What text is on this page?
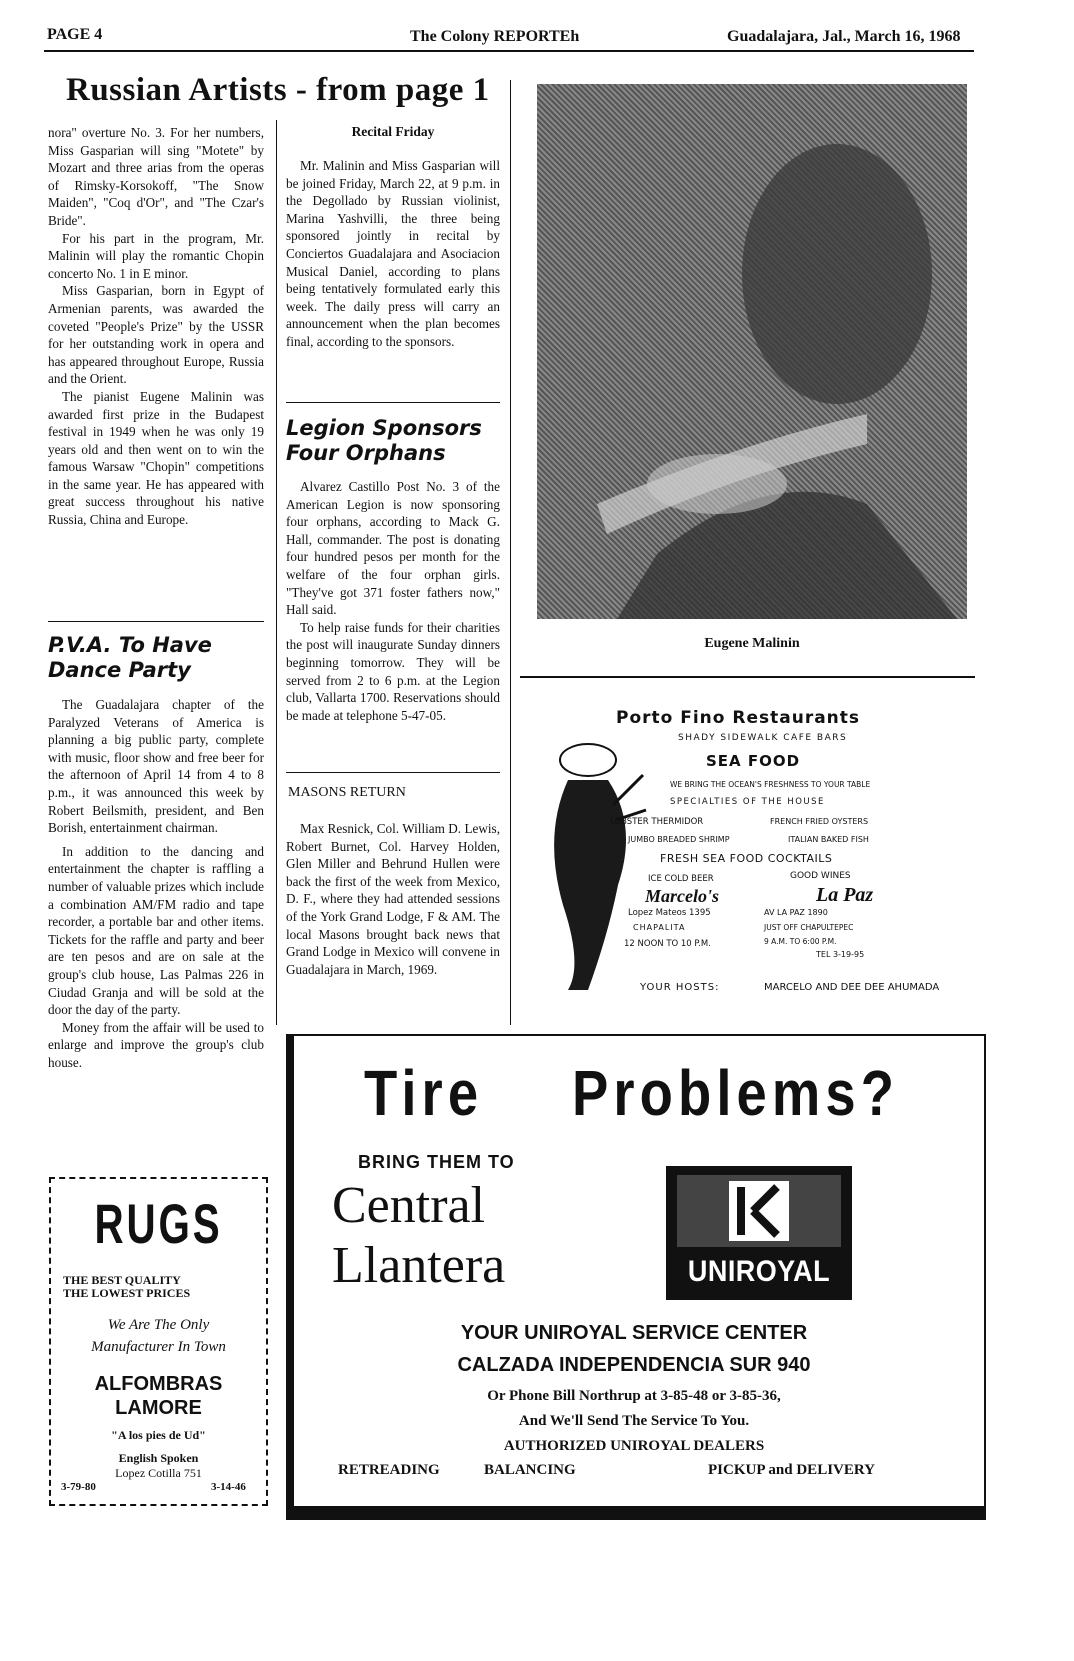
PAGE 4	The Colony REPORTEh	Guadalajara, Jal., March 16, 1968
Russian Artists - from page 1

nora" overture No. 3. For her numbers, Miss Gasparian will sing "Motete" by Mozart and three arias from the operas of Rimsky-Korsokoff, "The Snow Maiden", "Coq d'Or", and "The Czar's Bride".

For his part in the program, Mr. Malinin will play the romantic Chopin concerto No. 1 in E minor.

Miss Gasparian, born in Egypt of Armenian parents, was awarded the coveted "People's Prize" by the USSR for her outstanding work in opera and has appeared throughout Europe, Russia and the Orient.

The pianist Eugene Malinin was awarded first prize in the Budapest festival in 1949 when he was only 19 years old and then went on to win the famous Warsaw "Chopin" competitions in the same year. He has appeared with great success throughout his native Russia, China and Europe.

P.V.A. To Have Dance Party

The Guadalajara chapter of the Paralyzed Veterans of America is planning a big public party, complete with music, floor show and free beer for the afternoon of April 14 from 4 to 8 p.m., it was announced this week by Robert Beilsmith, president, and Ben Borish, entertainment chairman.

In addition to the dancing and entertainment the chapter is raffling a number of valuable prizes which include a combination AM/FM radio and tape recorder, a portable bar and other items. Tickets for the raffle and party and beer are ten pesos and are on sale at the group's club house, Las Palmas 226 in Ciudad Granja and will be sold at the door the day of the party.

Money from the affair will be used to enlarge and improve the group's club house.

Recital Friday

Mr. Malinin and Miss Gasparian will be joined Friday, March 22, at 9 p.m. in the Degollado by Russian violinist, Marina Yashvilli, the three being sponsored jointly in recital by Conciertos Guadalajara and Asociacion Musical Daniel, according to plans being tentatively formulated early this week. The daily press will carry an announcement when the plan becomes final, according to the sponsors.

Legion Sponsors Four Orphans

Alvarez Castillo Post No. 3 of the American Legion is now sponsoring four orphans, according to Mack G. Hall, commander. The post is donating four hundred pesos per month for the welfare of the four orphan girls. "They've got 371 foster fathers now," Hall said.

To help raise funds for their charities the post will inaugurate Sunday dinners beginning tomorrow. They will be served from 2 to 6 p.m. at the Legion club, Vallarta 1700. Reservations should be made at telephone 5-47-05.

MASONS RETURN

Max Resnick, Col. William D. Lewis, Robert Burnet, Col. Harvey Holden, Glen Miller and Behrund Hullen were back the first of the week from Mexico, D. F., where they had attended sessions of the York Grand Lodge, F & AM. The local Masons brought back news that Grand Lodge in Mexico will convene in Guadalajara in March, 1969.

Eugene Malinin
Porto Fino Restaurants
SHADY SIDEWALK CAFE BARS
SEA FOOD
WE BRING THE OCEAN'S FRESHNESS TO YOUR TABLE
SPECIALTIES OF THE HOUSE
LOBSTER THERMIDOR	FRENCH FRIED OYSTERS
JUMBO BREADED SHRIMP	ITALIAN BAKED FISH
FRESH SEA FOOD COCKTAILS
ICE COLD BEER	GOOD WINES
Marcelo's
Lopez Mateos 1395
CHAPALITA
12 NOON TO 10 P.M.
La Paz
AV LA PAZ 1890
JUST OFF CHAPULTEPEC
9 A.M. TO 6:00 P.M.
TEL 3-19-95
YOUR HOSTS:	MARCELO AND DEE DEE AHUMADA
RUGS
THE BEST QUALITY
THE LOWEST PRICES
We Are The Only
Manufacturer In Town
ALFOMBRAS
LAMORE
"A los pies de Ud"
English Spoken
Lopez Cotilla 751
3-79-80	3-14-46
Tire Problems?
BRING THEM TO
Central
Llantera	UNIROYAL
YOUR UNIROYAL SERVICE CENTER
CALZADA INDEPENDENCIA SUR 940
Or Phone Bill Northrup at 3-85-48 or 3-85-36,
And We'll Send The Service To You.
AUTHORIZED UNIROYAL DEALERS
RETREADING	BALANCING	PICKUP and DELIVERY
